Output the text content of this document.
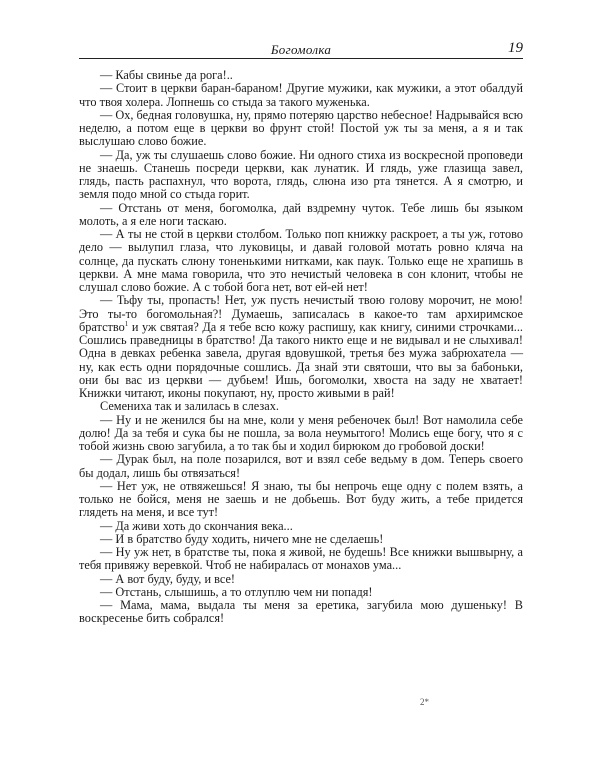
Богомолка	19

— Кабы свинье да рога!..

— Стоит в церкви баран-бараном! Другие мужики, как мужики, а этот обалдуй что твоя холера. Лопнешь со стыда за такого муженька.

— Ох, бедная головушка, ну, прямо потеряю царство небесное! Надрывайся всю неделю, а потом еще в церкви во фрунт стой! Постой уж ты за меня, а я и так выслушаю слово божие.

— Да, уж ты слушаешь слово божие. Ни одного стиха из воскресной проповеди не знаешь. Станешь посреди церкви, как лунатик. И глядь, уже глазища завел, глядь, пасть распахнул, что ворота, глядь, слюна изо рта тянется. А я смотрю, и земля подо мной со стыда горит.

— Отстань от меня, богомолка, дай вздремну чуток. Тебе лишь бы языком молоть, а я еле ноги таскаю.

— А ты не стой в церкви столбом. Только поп книжку раскроет, а ты уж, готово дело — вылупил глаза, что луковицы, и давай головой мотать ровно кляча на солнце, да пускать слюну тоненькими нитками, как паук. Только еще не храпишь в церкви. А мне мама говорила, что это нечистый человека в сон клонит, чтобы не слушал слово божие. А с тобой бога нет, вот ей-ей нет!

— Тьфу ты, пропасть! Нет, уж пусть нечистый твою голову морочит, не мою! Это ты-то богомольная?! Думаешь, записалась в какое-то там архиримское братство$^1$ и уж святая? Да я тебе всю кожу распишу, как книгу, синими строчками... Сошлись праведницы в братство! Да такого никто еще и не видывал и не слыхивал! Одна в девках ребенка завела, другая вдовушкой, третья без мужа забрюхатела — ну, как есть одни порядочные сошлись. Да знай эти святоши, что вы за бабоньки, они бы вас из церкви — дубьем! Ишь, богомолки, хвоста на заду не хватает! Книжки читают, иконы покупают, ну, просто живыми в рай!

Семениха так и залилась в слезах.

— Ну и не женился бы на мне, коли у меня ребеночек был! Вот намолила себе долю! Да за тебя и сука бы не пошла, за вола неумытого! Молись еще богу, что я с тобой жизнь свою загубила, а то так бы и ходил бирюком до гробовой доски!

— Дурак был, на поле позарился, вот и взял себе ведьму в дом. Теперь своего бы додал, лишь бы отвязаться!

— Нет уж, не отвяжешься! Я знаю, ты бы непрочь еще одну с полем взять, а только не бойся, меня не заешь и не добьешь. Вот буду жить, а тебе придется глядеть на меня, и все тут!

— Да живи хоть до скончания века...

— И в братство буду ходить, ничего мне не сделаешь!

— Ну уж нет, в братстве ты, пока я живой, не будешь! Все книжки вышвырну, а тебя привяжу веревкой. Чтоб не набиралась от монахов ума...

— А вот буду, буду, и все!

— Отстань, слышишь, а то отлуплю чем ни попадя!

— Мама, мама, выдала ты меня за еретика, загубила мою душеньку! В воскресенье бить собрался!

2*
